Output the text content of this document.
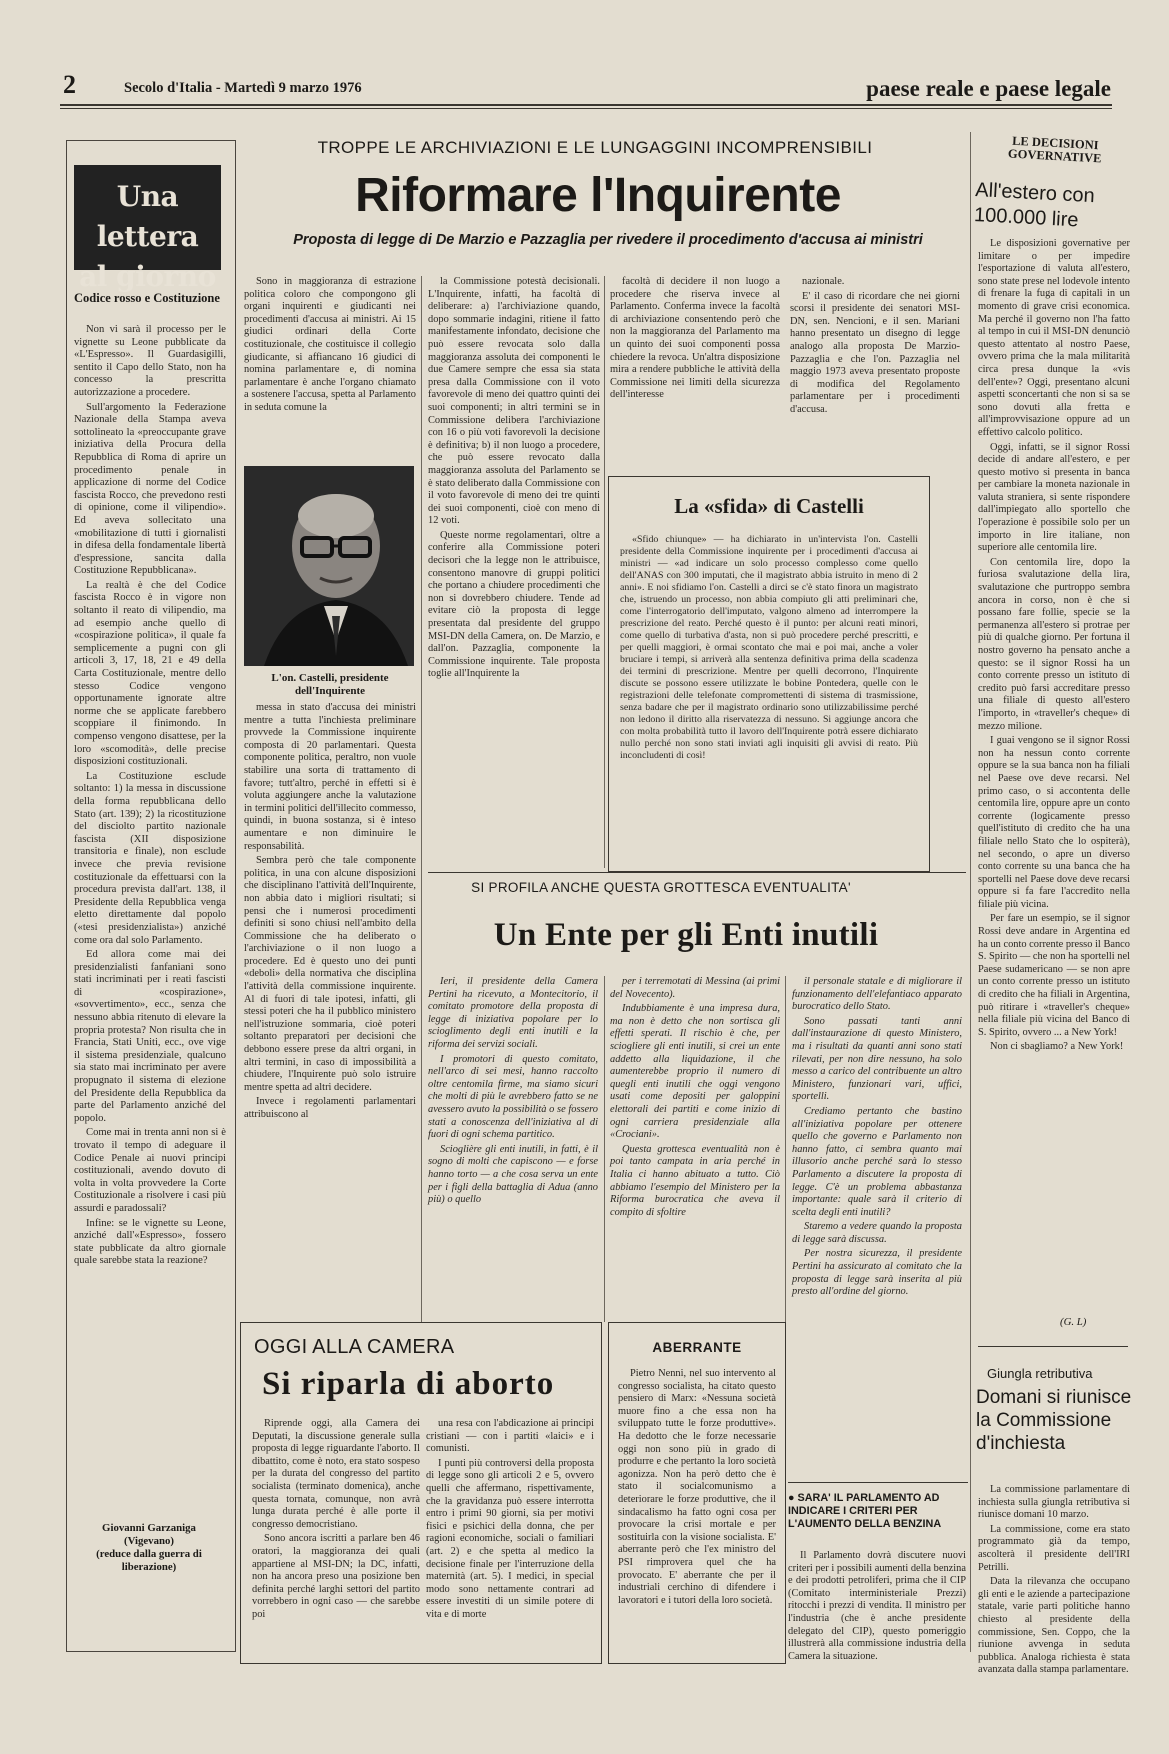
2	Secolo d'Italia - Martedì 9 marzo 1976	paese reale e paese legale
Una lettera
al giorno
Codice rosso e Costituzione

Non vi sarà il processo per le vignette su Leone pubblicate da «L'Espresso». Il Guardasigilli, sentito il Capo dello Stato, non ha concesso la prescritta autorizzazione a procedere.

Sull'argomento la Federazione Nazionale della Stampa aveva sottolineato la «preoccupante grave iniziativa della Procura della Repubblica di Roma di aprire un procedimento penale in applicazione di norme del Codice fascista Rocco, che prevedono resti di opinione, come il vilipendio». Ed aveva sollecitato una «mobilitazione di tutti i giornalisti in difesa della fondamentale libertà d'espressione, sancita dalla Costituzione Repubblicana».

La realtà è che del Codice fascista Rocco è in vigore non soltanto il reato di vilipendio, ma ad esempio anche quello di «cospirazione politica», il quale fa semplicemente a pugni con gli articoli 3, 17, 18, 21 e 49 della Carta Costituzionale, mentre dello stesso Codice vengono opportunamente ignorate altre norme che se applicate farebbero scoppiare il finimondo. In compenso vengono disattese, per la loro «scomodità», delle precise disposizioni costituzionali.

La Costituzione esclude soltanto: 1) la messa in discussione della forma repubblicana dello Stato (art. 139); 2) la ricostituzione del disciolto partito nazionale fascista (XII disposizione transitoria e finale), non esclude invece che previa revisione costituzionale da effettuarsi con la procedura prevista dall'art. 138, il Presidente della Repubblica venga eletto direttamente dal popolo («tesi presidenzialista») anziché come ora dal solo Parlamento.

Ed allora come mai dei presidenzialisti fanfaniani sono stati incriminati per i reati fascisti di «cospirazione», «sovvertimento», ecc., senza che nessuno abbia ritenuto di elevare la propria protesta? Non risulta che in Francia, Stati Uniti, ecc., ove vige il sistema presidenziale, qualcuno sia stato mai incriminato per avere propugnato il sistema di elezione del Presidente della Repubblica da parte del Parlamento anziché del popolo.

Come mai in trenta anni non si è trovato il tempo di adeguare il Codice Penale ai nuovi principi costituzionali, avendo dovuto di volta in volta provvedere la Corte Costituzionale a risolvere i casi più assurdi e paradossali?

Infine: se le vignette su Leone, anziché dall'«Espresso», fossero state pubblicate da altro giornale quale sarebbe stata la reazione?

Giovanni Garzaniga
(Vigevano)
(reduce dalla guerra di liberazione)
TROPPE LE ARCHIVIAZIONI E LE LUNGAGGINI INCOMPRENSIBILI
Riformare l'Inquirente
Proposta di legge di De Marzio e Pazzaglia per rivedere il procedimento d'accusa ai ministri

Sono in maggioranza di estrazione politica coloro che compongono gli organi inquirenti e giudicanti nei procedimenti d'accusa ai ministri. Ai 15 giudici ordinari della Corte costituzionale, che costituisce il collegio giudicante, si affiancano 16 giudici di nomina parlamentare e, di nomina parlamentare è anche l'organo chiamato a sostenere l'accusa, spetta al Parlamento in seduta comune la

L'on. Castelli, presidente dell'Inquirente

messa in stato d'accusa dei ministri mentre a tutta l'inchiesta preliminare provvede la Commissione inquirente composta di 20 parlamentari. Questa componente politica, peraltro, non vuole stabilire una sorta di trattamento di favore; tutt'altro, perché in effetti si è voluta aggiungere anche la valutazione in termini politici dell'illecito commesso, quindi, in buona sostanza, si è inteso aumentare e non diminuire le responsabilità.

Sembra però che tale componente politica, in una con alcune disposizioni che disciplinano l'attività dell'Inquirente, non abbia dato i migliori risultati; si pensi che i numerosi procedimenti definiti si sono chiusi nell'ambito della Commissione che ha deliberato o l'archiviazione o il non luogo a procedere. Ed è questo uno dei punti «deboli» della normativa che disciplina l'attività della commissione inquirente. Al di fuori di tale ipotesi, infatti, gli stessi poteri che ha il pubblico ministero nell'istruzione sommaria, cioè poteri soltanto preparatori per decisioni che debbono essere prese da altri organi, in altri termini, in caso di impossibilità a chiudere, l'Inquirente può solo istruire mentre spetta ad altri decidere.

Invece i regolamenti parlamentari attribuiscono al

la Commissione potestà decisionali. L'Inquirente, infatti, ha facoltà di deliberare: a) l'archiviazione quando, dopo sommarie indagini, ritiene il fatto manifestamente infondato, decisione che può essere revocata solo dalla maggioranza assoluta dei componenti le due Camere sempre che essa sia stata presa dalla Commissione con il voto favorevole di meno dei quattro quinti dei suoi componenti; in altri termini se in Commissione delibera l'archiviazione con 16 o più voti favorevoli la decisione è definitiva; b) il non luogo a procedere, che può essere revocato dalla maggioranza assoluta del Parlamento se è stato deliberato dalla Commissione con il voto favorevole di meno dei tre quinti dei suoi componenti, cioè con meno di 12 voti.

Queste norme regolamentari, oltre a conferire alla Commissione poteri decisori che la legge non le attribuisce, consentono manovre di gruppi politici che portano a chiudere procedimenti che non si dovrebbero chiudere. Tende ad evitare ciò la proposta di legge presentata dal presidente del gruppo MSI-DN della Camera, on. De Marzio, e dall'on. Pazzaglia, componente la Commissione inquirente. Tale proposta toglie all'Inquirente la

facoltà di decidere il non luogo a procedere che riserva invece al Parlamento. Conferma invece la facoltà di archiviazione consentendo però che non la maggioranza del Parlamento ma un quinto dei suoi componenti possa chiedere la revoca. Un'altra disposizione mira a rendere pubbliche le attività della Commissione nei limiti della sicurezza dell'interesse

nazionale.

E' il caso di ricordare che nei giorni scorsi il presidente dei senatori MSI-DN, sen. Nencioni, e il sen. Mariani hanno presentato un disegno di legge analogo alla proposta De Marzio-Pazzaglia e che l'on. Pazzaglia nel maggio 1973 aveva presentato proposte di modifica del Regolamento parlamentare per i procedimenti d'accusa.

La «sfida» di Castelli

«Sfido chiunque» — ha dichiarato in un'intervista l'on. Castelli presidente della Commissione inquirente per i procedimenti d'accusa ai ministri — «ad indicare un solo processo complesso come quello dell'ANAS con 300 imputati, che il magistrato abbia istruito in meno di 2 anni». E noi sfidiamo l'on. Castelli a dirci se c'è stato finora un magistrato che, istruendo un processo, non abbia compiuto gli atti preliminari che, come l'interrogatorio dell'imputato, valgono almeno ad interrompere la prescrizione del reato. Perché questo è il punto: per alcuni reati minori, come quello di turbativa d'asta, non si può procedere perché prescritti, e per quelli maggiori, è ormai scontato che mai e poi mai, anche a voler bruciare i tempi, si arriverà alla sentenza definitiva prima della scadenza dei termini di prescrizione. Mentre per quelli decorrono, l'Inquirente discute se possono essere utilizzate le bobine Pontedera, quelle con le registrazioni delle telefonate compromettenti di sistema di trasmissione, senza badare che per il magistrato ordinario sono utilizzabilissime perché non ledono il diritto alla riservatezza di nessuno. Si aggiunge ancora che con molta probabilità tutto il lavoro dell'Inquirente potrà essere dichiarato nullo perché non sono stati inviati agli inquisiti gli avvisi di reato. Più inconcludenti di così!

SI PROFILA ANCHE QUESTA GROTTESCA EVENTUALITA'
Un Ente per gli Enti inutili

Ieri, il presidente della Camera Pertini ha ricevuto, a Montecitorio, il comitato promotore della proposta di legge di iniziativa popolare per lo scioglimento degli enti inutili e la riforma dei servizi sociali.

I promotori di questo comitato, nell'arco di sei mesi, hanno raccolto oltre centomila firme, ma siamo sicuri che molti di più le avrebbero fatto se ne avessero avuto la possibilità o se fossero stati a conoscenza dell'iniziativa al di fuori di ogni schema partitico.

Scioglière gli enti inutili, in fatti, è il sogno di molti che capiscono — e forse hanno torto — a che cosa serva un ente per i figli della battaglia di Adua (anno più) o quello

per i terremotati di Messina (ai primi del Novecento).

Indubbiamente è una impresa dura, ma non è detto che non sortisca gli effetti sperati. Il rischio è che, per sciogliere gli enti inutili, si crei un ente addetto alla liquidazione, il che aumenterebbe proprio il numero di quegli enti inutili che oggi vengono usati come depositi per galoppini elettorali dei partiti e come inizio di ogni carriera presidenziale alla «Crociani».

Questa grottesca eventualità non è poi tanto campata in aria perché in Italia ci hanno abituato a tutto. Ciò abbiamo l'esempio del Ministero per la Riforma burocratica che aveva il compito di sfoltire

il personale statale e di migliorare il funzionamento dell'elefantiaco apparato burocratico dello Stato.

Sono passati tanti anni dall'instaurazione di questo Ministero, ma i risultati da quanti anni sono stati rilevati, per non dire nessuno, ha solo messo a carico del contribuente un altro Ministero, funzionari vari, uffici, sportelli.

Crediamo pertanto che bastino all'iniziativa popolare per ottenere quello che governo e Parlamento non hanno fatto, ci sembra quanto mai illusorio anche perché sarà lo stesso Parlamento a discutere la proposta di legge. C'è un problema abbastanza importante: quale sarà il criterio di scelta degli enti inutili?

Staremo a vedere quando la proposta di legge sarà discussa.

Per nostra sicurezza, il presidente Pertini ha assicurato al comitato che la proposta di legge sarà inserita al più presto all'ordine del giorno.

OGGI ALLA CAMERA
Si riparla di aborto

Riprende oggi, alla Camera dei Deputati, la discussione generale sulla proposta di legge riguardante l'aborto. Il dibattito, come è noto, era stato sospeso per la durata del congresso del partito socialista (terminato domenica), anche questa tornata, comunque, non avrà lunga durata perché è alle porte il congresso democristiano.

Sono ancora iscritti a parlare ben 46 oratori, la maggioranza dei quali appartiene al MSI-DN; la DC, infatti, non ha ancora preso una posizione ben definita perché larghi settori del partito vorrebbero in ogni caso — che sarebbe poi

una resa con l'abdicazione ai principi cristiani — con i partiti «laici» e i comunisti.

I punti più controversi della proposta di legge sono gli articoli 2 e 5, ovvero quelli che affermano, rispettivamente, che la gravidanza può essere interrotta entro i primi 90 giorni, sia per motivi fisici e psichici della donna, che per ragioni economiche, sociali o familiari (art. 2) e che spetta al medico la decisione finale per l'interruzione della maternità (art. 5). I medici, in special modo sono nettamente contrari ad essere investiti di un simile potere di vita e di morte

ABERRANTE

Pietro Nenni, nel suo intervento al congresso socialista, ha citato questo pensiero di Marx: «Nessuna società muore fino a che essa non ha sviluppato tutte le forze produttive». Ha dedotto che le forze necessarie oggi non sono più in grado di produrre e che pertanto la loro società agonizza. Non ha però detto che è stato il socialcomunismo a deteriorare le forze produttive, che il sindacalismo ha fatto ogni cosa per provocare la crisi mortale e per sostituirla con la visione socialista. E' aberrante però che l'ex ministro del PSI rimprovera quel che ha provocato. E' aberrante che per il industriali cerchino di difendere i lavoratori e i tutori della loro società.

● SARA' IL PARLAMENTO AD INDICARE I CRITERI PER L'AUMENTO DELLA BENZINA

Il Parlamento dovrà discutere nuovi criteri per i possibili aumenti della benzina e dei prodotti petroliferi, prima che il CIP (Comitato interministeriale Prezzi) ritocchi i prezzi di vendita. Il ministro per l'industria (che è anche presidente delegato del CIP), questo pomeriggio illustrerà alla commissione industria della Camera la situazione.

LE DECISIONI GOVERNATIVE
All'estero con 100.000 lire

Le disposizioni governative per limitare o per impedire l'esportazione di valuta all'estero, sono state prese nel lodevole intento di frenare la fuga di capitali in un momento di grave crisi economica. Ma perché il governo non l'ha fatto al tempo in cui il MSI-DN denunciò questo attentato al nostro Paese, ovvero prima che la mala militarità circa presa dunque la «vis dell'ente»? Oggi, presentano alcuni aspetti sconcertanti che non si sa se sono dovuti alla fretta e all'improvvisazione oppure ad un effettivo calcolo politico.

Oggi, infatti, se il signor Rossi decide di andare all'estero, e per questo motivo si presenta in banca per cambiare la moneta nazionale in valuta straniera, si sente rispondere dall'impiegato allo sportello che l'operazione è possibile solo per un importo in lire italiane, non superiore alle centomila lire.

Con centomila lire, dopo la furiosa svalutazione della lira, svalutazione che purtroppo sembra ancora in corso, non è che si possano fare follie, specie se la permanenza all'estero si protrae per più di qualche giorno. Per fortuna il nostro governo ha pensato anche a questo: se il signor Rossi ha un conto corrente presso un istituto di credito può farsi accreditare presso una filiale di questo all'estero l'importo, in «traveller's cheque» di mezzo milione.

I guai vengono se il signor Rossi non ha nessun conto corrente oppure se la sua banca non ha filiali nel Paese ove deve recarsi. Nel primo caso, o si accontenta delle centomila lire, oppure apre un conto corrente (logicamente presso quell'istituto di credito che ha una filiale nello Stato che lo ospiterà), nel secondo, o apre un diverso conto corrente su una banca che ha sportelli nel Paese dove deve recarsi oppure si fa fare l'accredito nella filiale più vicina.

Per fare un esempio, se il signor Rossi deve andare in Argentina ed ha un conto corrente presso il Banco S. Spirito — che non ha sportelli nel Paese sudamericano — se non apre un conto corrente presso un istituto di credito che ha filiali in Argentina, può ritirare i «traveller's cheque» nella filiale più vicina del Banco di S. Spirito, ovvero ... a New York!

Non ci sbagliamo? a New York!

(G. L)
Giungla retributiva
Domani si riunisce la Commissione d'inchiesta

La commissione parlamentare di inchiesta sulla giungla retributiva si riunisce domani 10 marzo.

La commissione, come era stato programmato già da tempo, ascolterà il presidente dell'IRI Petrilli.

Data la rilevanza che occupano gli enti e le aziende a partecipazione statale, varie parti politiche hanno chiesto al presidente della commissione, Sen. Coppo, che la riunione avvenga in seduta pubblica. Analoga richiesta è stata avanzata dalla stampa parlamentare.
